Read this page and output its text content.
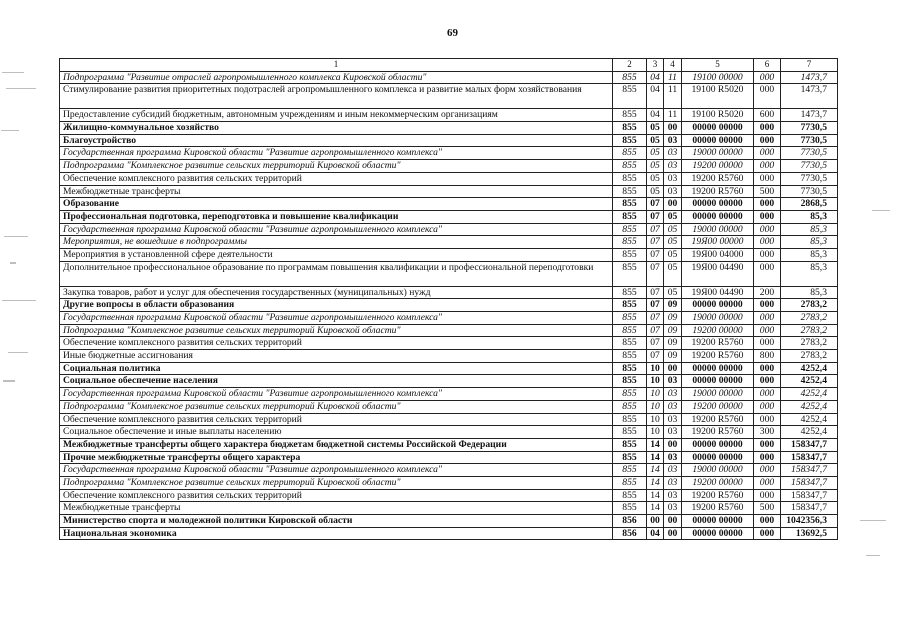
69
1	2	3	4	5	6	7
Подпрограмма "Развитие отраслей агропромышленного комплекса Кировской области"	855	04	11	19100 00000	000	1473,7
Стимулирование развития приоритетных подотраслей агропромышленного комплекса и развитие малых форм хозяйствования	855	04	11	19100 R5020	000	1473,7
Предоставление субсидий бюджетным, автономным учреждениям и иным некоммерческим организациям	855	04	11	19100 R5020	600	1473,7
Жилищно-коммунальное хозяйство	855	05	00	00000 00000	000	7730,5
Благоустройство	855	05	03	00000 00000	000	7730,5
Государственная программа Кировской области "Развитие агропромышленного комплекса"	855	05	03	19000 00000	000	7730,5
Подпрограмма "Комплексное развитие сельских территорий Кировской области"	855	05	03	19200 00000	000	7730,5
Обеспечение комплексного развития сельских территорий	855	05	03	19200 R5760	000	7730,5
Межбюджетные трансферты	855	05	03	19200 R5760	500	7730,5
Образование	855	07	00	00000 00000	000	2868,5
Профессиональная подготовка, переподготовка и повышение квалификации	855	07	05	00000 00000	000	85,3
Государственная программа Кировской области "Развитие агропромышленного комплекса"	855	07	05	19000 00000	000	85,3
Мероприятия, не вошедшие в подпрограммы	855	07	05	19Я00 00000	000	85,3
Мероприятия в установленной сфере деятельности	855	07	05	19Я00 04000	000	85,3
Дополнительное профессиональное образование по программам повышения квалификации и профессиональной переподготовки	855	07	05	19Я00 04490	000	85,3
Закупка товаров, работ и услуг для обеспечения государственных (муниципальных) нужд	855	07	05	19Я00 04490	200	85,3
Другие вопросы в области образования	855	07	09	00000 00000	000	2783,2
Государственная программа Кировской области "Развитие агропромышленного комплекса"	855	07	09	19000 00000	000	2783,2
Подпрограмма "Комплексное развитие сельских территорий Кировской области"	855	07	09	19200 00000	000	2783,2
Обеспечение комплексного развития сельских территорий	855	07	09	19200 R5760	000	2783,2
Иные бюджетные ассигнования	855	07	09	19200 R5760	800	2783,2
Социальная политика	855	10	00	00000 00000	000	4252,4
Социальное обеспечение населения	855	10	03	00000 00000	000	4252,4
Государственная программа Кировской области "Развитие агропромышленного комплекса"	855	10	03	19000 00000	000	4252,4
Подпрограмма "Комплексное развитие сельских территорий Кировской области"	855	10	03	19200 00000	000	4252,4
Обеспечение комплексного развития сельских территорий	855	10	03	19200 R5760	000	4252,4
Социальное обеспечение и иные выплаты населению	855	10	03	19200 R5760	300	4252,4
Межбюджетные трансферты общего характера бюджетам бюджетной системы Российской Федерации	855	14	00	00000 00000	000	158347,7
Прочие межбюджетные трансферты общего характера	855	14	03	00000 00000	000	158347,7
Государственная программа Кировской области "Развитие агропромышленного комплекса"	855	14	03	19000 00000	000	158347,7
Подпрограмма "Комплексное развитие сельских территорий Кировской области"	855	14	03	19200 00000	000	158347,7
Обеспечение комплексного развития сельских территорий	855	14	03	19200 R5760	000	158347,7
Межбюджетные трансферты	855	14	03	19200 R5760	500	158347,7
Министерство спорта и молодежной политики Кировской области	856	00	00	00000 00000	000	1042356,3
Национальная экономика	856	04	00	00000 00000	000	13692,5
